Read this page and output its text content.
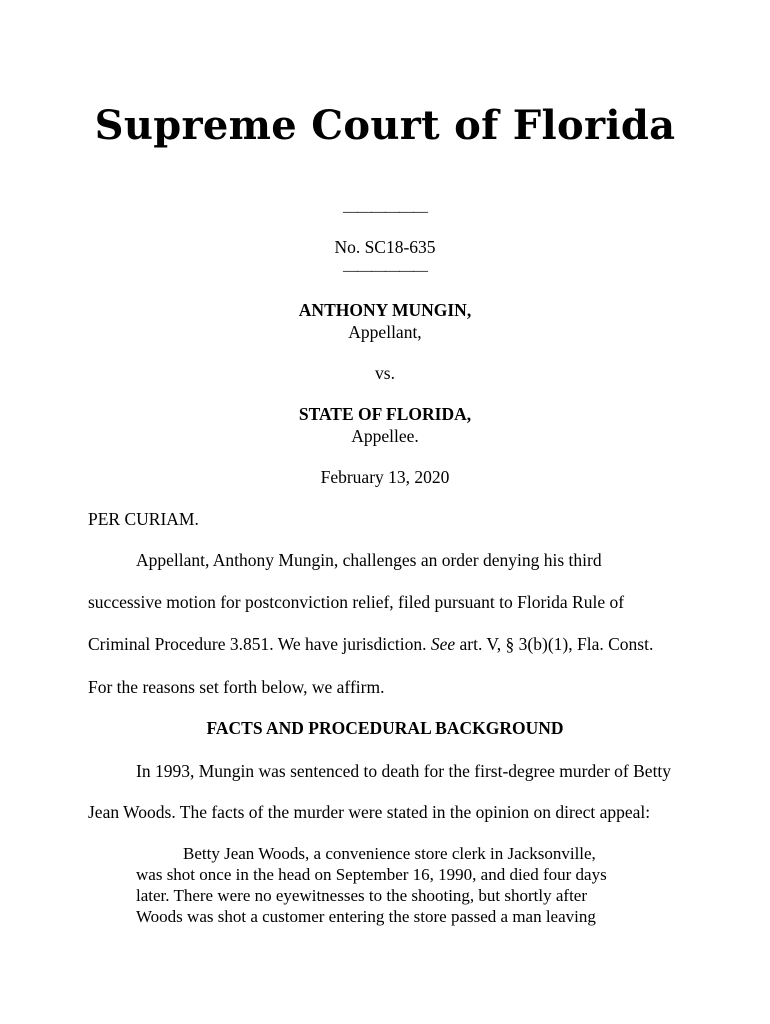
Supreme Court of Florida
——————
No. SC18-635
——————
ANTHONY MUNGIN,
Appellant,
vs.
STATE OF FLORIDA,
Appellee.
February 13, 2020
PER CURIAM.
Appellant, Anthony Mungin, challenges an order denying his third
successive motion for postconviction relief, filed pursuant to Florida Rule of
Criminal Procedure 3.851. We have jurisdiction. See art. V, § 3(b)(1), Fla. Const.
For the reasons set forth below, we affirm.
FACTS AND PROCEDURAL BACKGROUND
In 1993, Mungin was sentenced to death for the first-degree murder of Betty
Jean Woods. The facts of the murder were stated in the opinion on direct appeal:
Betty Jean Woods, a convenience store clerk in Jacksonville,
was shot once in the head on September 16, 1990, and died four days
later. There were no eyewitnesses to the shooting, but shortly after
Woods was shot a customer entering the store passed a man leaving
